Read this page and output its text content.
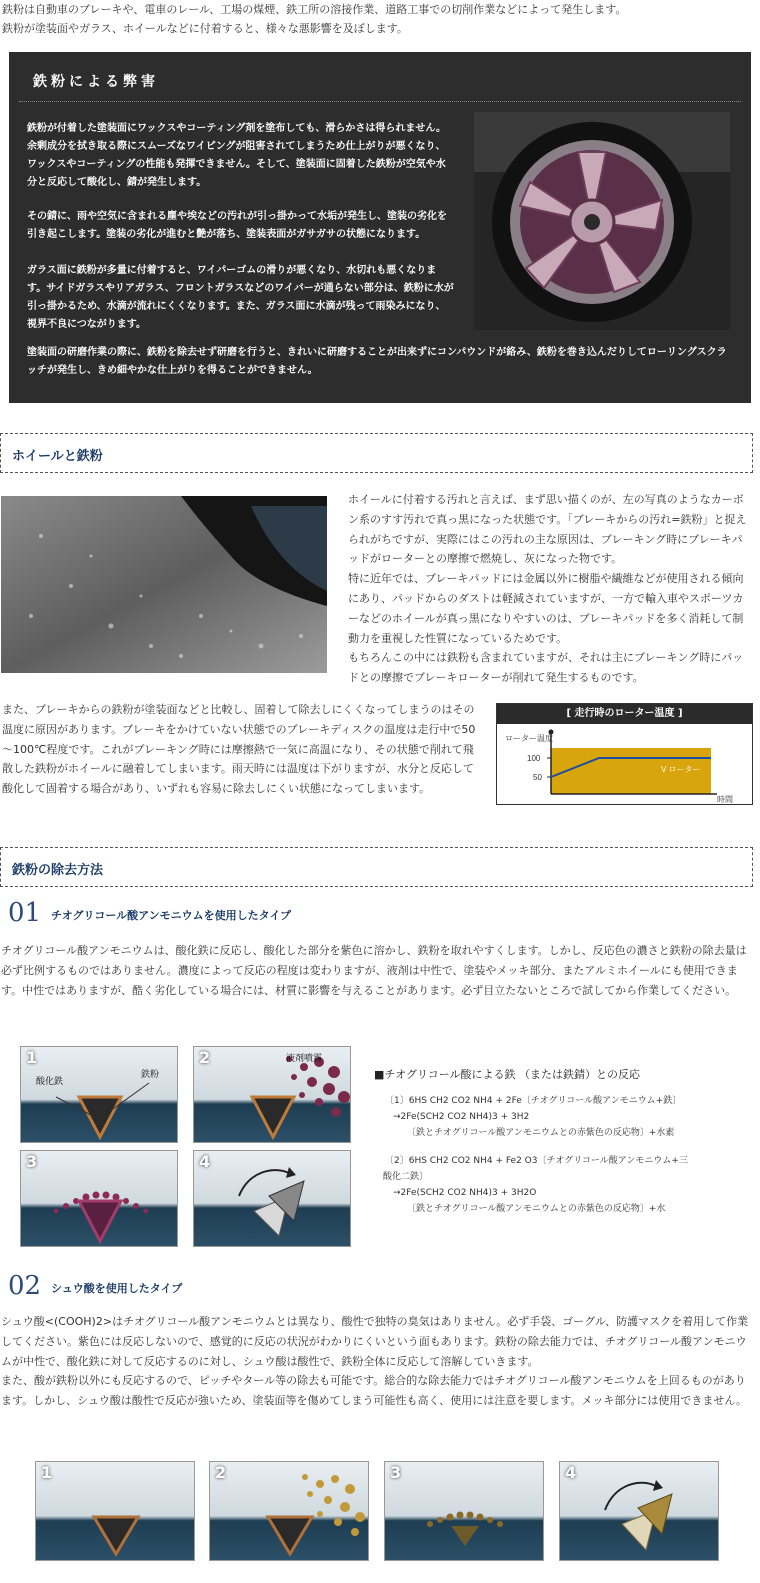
鉄粉は自動車のブレーキや、電車のレール、工場の煤煙、鉄工所の溶接作業、道路工事での切削作業などによって発生します。
鉄粉が塗装面やガラス、ホイールなどに付着すると、様々な悪影響を及ぼします。
鉄粉による弊害
鉄粉が付着した塗装面にワックスやコーティング剤を塗布しても、滑らかさは得られません。余剰成分を拭き取る際にスムーズなワイピングが阻害されてしまうため仕上がりが悪くなり、ワックスやコーティングの性能も発揮できません。そして、塗装面に固着した鉄粉が空気や水分と反応して酸化し、錆が発生します。
その錆に、雨や空気に含まれる塵や埃などの汚れが引っ掛かって水垢が発生し、塗装の劣化を引き起こします。塗装の劣化が進むと艶が落ち、塗装表面がガサガサの状態になります。
ガラス面に鉄粉が多量に付着すると、ワイパーゴムの滑りが悪くなり、水切れも悪くなります。サイドガラスやリアガラス、フロントガラスなどのワイパーが通らない部分は、鉄粉に水が引っ掛かるため、水滴が流れにくくなります。また、ガラス面に水滴が残って雨染みになり、視界不良につながります。
塗装面の研磨作業の際に、鉄粉を除去せず研磨を行うと、きれいに研磨することが出来ずにコンパウンドが絡み、鉄粉を巻き込んだりしてローリングスクラッチが発生し、きめ細やかな仕上がりを得ることができません。
ホイールと鉄粉
ホイールに付着する汚れと言えば、まず思い描くのが、左の写真のようなカーボン系のすす汚れで真っ黒になった状態です。「ブレーキからの汚れ=鉄粉」と捉えられがちですが、実際にはこの汚れの主な原因は、ブレーキング時にブレーキパッドがローターとの摩擦で燃焼し、灰になった物です。
特に近年では、ブレーキパッドには金属以外に樹脂や繊維などが使用される傾向にあり、パッドからのダストは軽減されていますが、一方で輸入車やスポーツカーなどのホイールが真っ黒になりやすいのは、ブレーキパッドを多く消耗して制動力を重視した性質になっているためです。
もちろんこの中には鉄粉も含まれていますが、それは主にブレーキング時にパッドとの摩擦でブレーキローターが削れて発生するものです。
また、ブレーキからの鉄粉が塗装面などと比較し、固着して除去しにくくなってしまうのはその温度に原因があります。ブレーキをかけていない状態でのブレーキディスクの温度は走行中で50～100℃程度です。これがブレーキング時には摩擦熱で一気に高温になり、その状態で削れて飛散した鉄粉がホイールに融着してしまいます。雨天時には温度は下がりますが、水分と反応して酸化して固着する場合があり、いずれも容易に除去しにくい状態になってしまいます。
[ 走行時のローター温度 ]
ローター温度
100
50
V ローター
時間
鉄粉の除去方法
01 チオグリコール酸アンモニウムを使用したタイプ
チオグリコール酸アンモニウムは、酸化鉄に反応し、酸化した部分を紫色に溶かし、鉄粉を取れやすくします。しかし、反応色の濃さと鉄粉の除去量は必ず比例するものではありません。濃度によって反応の程度は変わりますが、液剤は中性で、塗装やメッキ部分、またアルミホイールにも使用できます。中性ではありますが、酷く劣化している場合には、材質に影響を与えることがあります。必ず目立たないところで試してから作業してください。
1
酸化鉄
鉄粉
2	液剤噴霧
3	4
■チオグリコール酸による鉄 （または鉄錆）との反応
〔1〕6HS CH2 CO2 NH4 + 2Fe〔チオグリコール酸アンモニウム+鉄〕
→2Fe(SCH2 CO2 NH4)3 + 3H2
〔鉄とチオグリコール酸アンモニウムとの赤紫色の反応物〕+水素
〔2〕6HS CH2 CO2 NH4 + Fe2 O3〔チオグリコール酸アンモニウム+三
酸化二鉄〕
→2Fe(SCH2 CO2 NH4)3 + 3H2O
〔鉄とチオグリコール酸アンモニウムとの赤紫色の反応物〕+水
02 シュウ酸を使用したタイプ
シュウ酸<(COOH)2>はチオグリコール酸アンモニウムとは異なり、酸性で独特の臭気はありません。必ず手袋、ゴーグル、防護マスクを着用して作業してください。紫色には反応しないので、感覚的に反応の状況がわかりにくいという面もあります。鉄粉の除去能力では、チオグリコール酸アンモニウムが中性で、酸化鉄に対して反応するのに対し、シュウ酸は酸性で、鉄粉全体に反応して溶解していきます。
また、酸が鉄粉以外にも反応するので、ピッチやタール等の除去も可能です。総合的な除去能力ではチオグリコール酸アンモニウムを上回るものがあります。しかし、シュウ酸は酸性で反応が強いため、塗装面等を傷めてしまう可能性も高く、使用には注意を要します。メッキ部分には使用できません。
1	2	3	4
